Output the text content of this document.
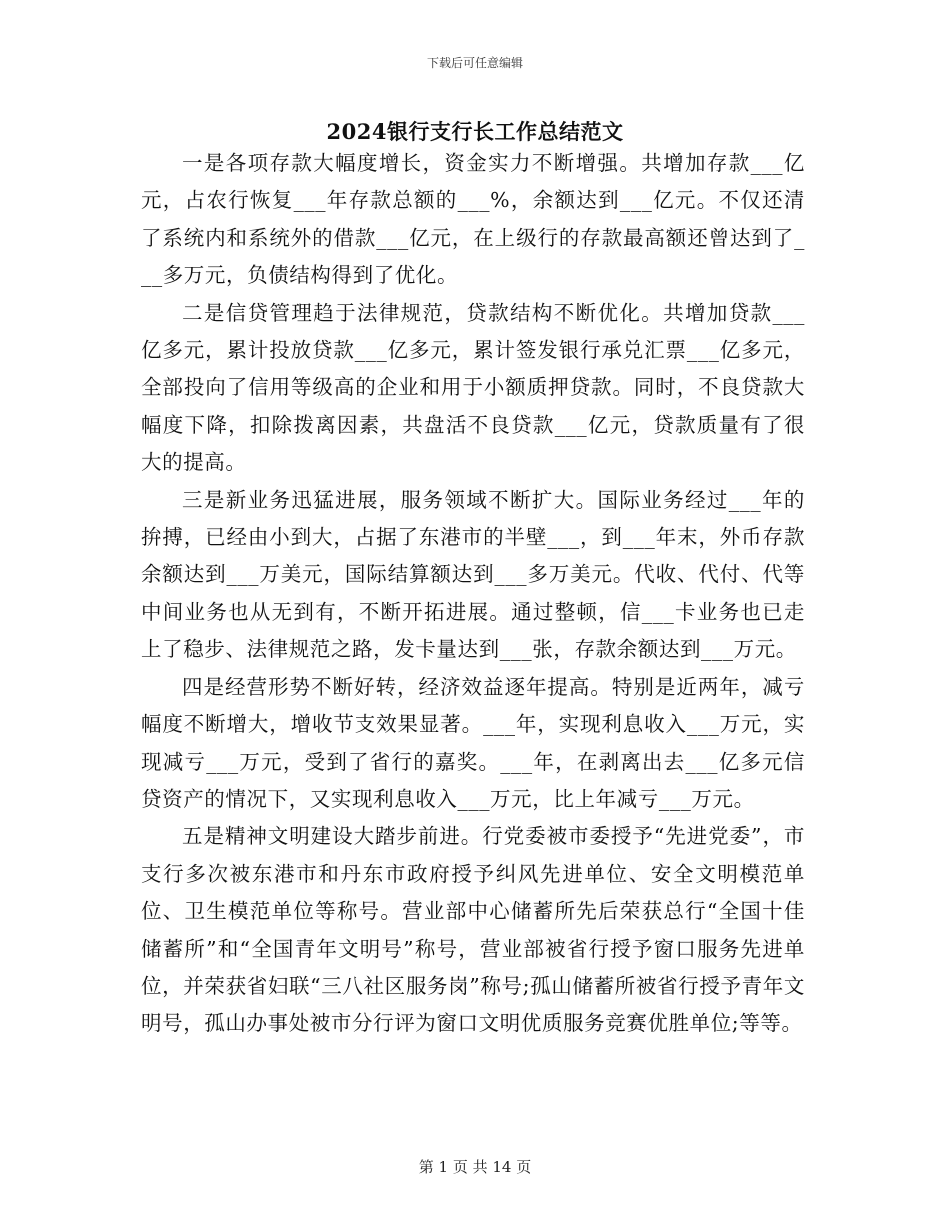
下载后可任意编辑
2024银行支行长工作总结范文

一是各项存款大幅度增长，资金实力不断增强。共增加存款___亿元，占农行恢复___年存款总额的___%，余额达到___亿元。不仅还清了系统内和系统外的借款___亿元，在上级行的存款最高额还曾达到了___多万元，负债结构得到了优化。

二是信贷管理趋于法律规范，贷款结构不断优化。共增加贷款___亿多元，累计投放贷款___亿多元，累计签发银行承兑汇票___亿多元，全部投向了信用等级高的企业和用于小额质押贷款。同时，不良贷款大幅度下降，扣除拨离因素，共盘活不良贷款___亿元，贷款质量有了很大的提高。

三是新业务迅猛进展，服务领域不断扩大。国际业务经过___年的拚搏，已经由小到大，占据了东港市的半壁___，到___年末，外币存款余额达到___万美元，国际结算额达到___多万美元。代收、代付、代等中间业务也从无到有，不断开拓进展。通过整顿，信___卡业务也已走上了稳步、法律规范之路，发卡量达到___张，存款余额达到___万元。

四是经营形势不断好转，经济效益逐年提高。特别是近两年，减亏幅度不断增大，增收节支效果显著。___年，实现利息收入___万元，实现减亏___万元，受到了省行的嘉奖。___年，在剥离出去___亿多元信贷资产的情况下，又实现利息收入___万元，比上年减亏___万元。

五是精神文明建设大踏步前进。行党委被市委授予“先进党委”，市支行多次被东港市和丹东市政府授予纠风先进单位、安全文明模范单位、卫生模范单位等称号。营业部中心储蓄所先后荣获总行“全国十佳储蓄所”和“全国青年文明号”称号，营业部被省行授予窗口服务先进单位，并荣获省妇联“三八社区服务岗”称号;孤山储蓄所被省行授予青年文明号，孤山办事处被市分行评为窗口文明优质服务竞赛优胜单位;等等。

第 1 页 共 14 页
